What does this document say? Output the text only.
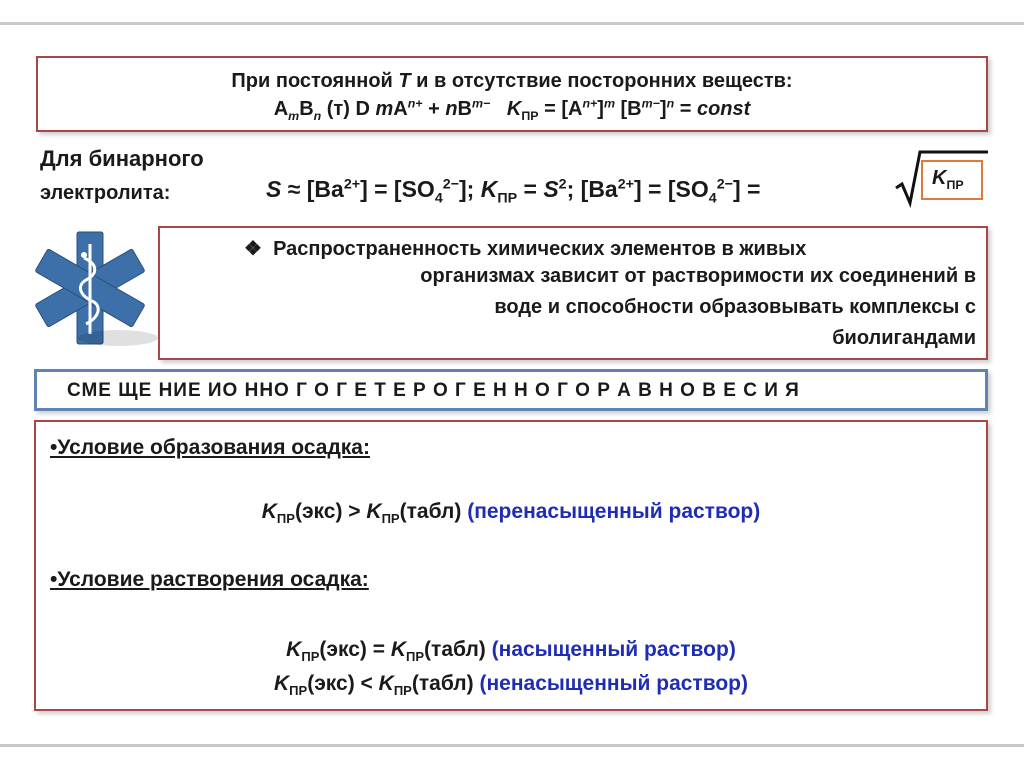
При постоянной T и в отсутствие посторонних веществ:
$A_mB_n$ (т) D $mA^{n+} + nB^{m-}$ $K_{ПР} = [A^{n+}]^m$ $[B^{m-}]^n$ = const
Для бинарного
электролита:	$S \approx [Ba^{2+}] = [SO_4^{2-}]$; $K_{ПР} = S^2$; $[Ba^{2+}] = [SO_4^{2-}]$ =	$K_{ПР}$
❖ Распространенность химических элементов в живых
организмах зависит от растворимости их соединений в
воде и способности образовывать комплексы с
биолигандами
СМЕ ЩЕ НИЕ ИО ННО Г О Г Е Т Е Р О Г Е Н Н О Г О Р А В Н О В Е С И Я
•Условие образования осадка:
$K_{ПР}(экс)$ > $K_{ПР}(табл)$ (перенасыщенный раствор)
•Условие растворения осадка:
$K_{ПР}(экс)$ = $K_{ПР}(табл)$ (насыщенный раствор)
$K_{ПР}(экс)$ < $K_{ПР}(табл)$ (ненасыщенный раствор)
